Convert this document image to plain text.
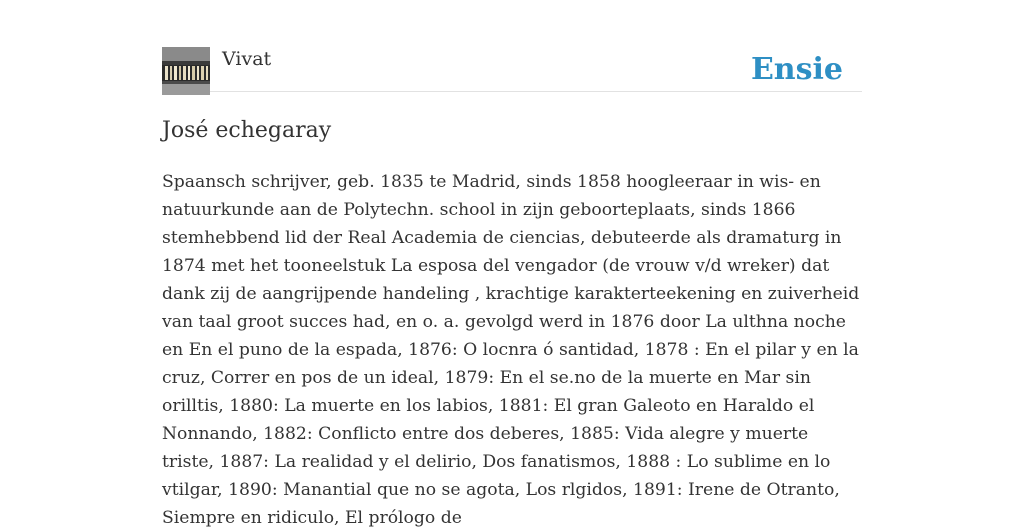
Vivat	Ensie
José echegaray

Spaansch schrijver, geb. 1835 te Madrid, sinds 1858 hoogleeraar in wis- en natuurkunde aan de Polytechn. school in zijn geboorteplaats, sinds 1866 stemhebbend lid der Real Academia de ciencias, debuteerde als dramaturg in 1874 met het tooneelstuk La esposa del vengador (de vrouw v/d wreker) dat dank zij de aangrijpende handeling , krachtige karakterteekening en zuiverheid van taal groot succes had, en o. a. gevolgd werd in 1876 door La ulthna noche en En el puno de la espada, 1876: O locnra ó santidad, 1878 : En el pilar y en la cruz, Correr en pos de un ideal, 1879: En el se.no de la muerte en Mar sin orilltis, 1880: La muerte en los labios, 1881: El gran Galeoto en Haraldo el Nonnando, 1882: Conflicto entre dos deberes, 1885: Vida alegre y muerte triste, 1887: La realidad y el delirio, Dos fanatismos, 1888 : Lo sublime en lo vtilgar, 1890: Manantial que no se agota, Los rlgidos, 1891: Irene de Otranto, Siempre en ridiculo, El prólogo de
